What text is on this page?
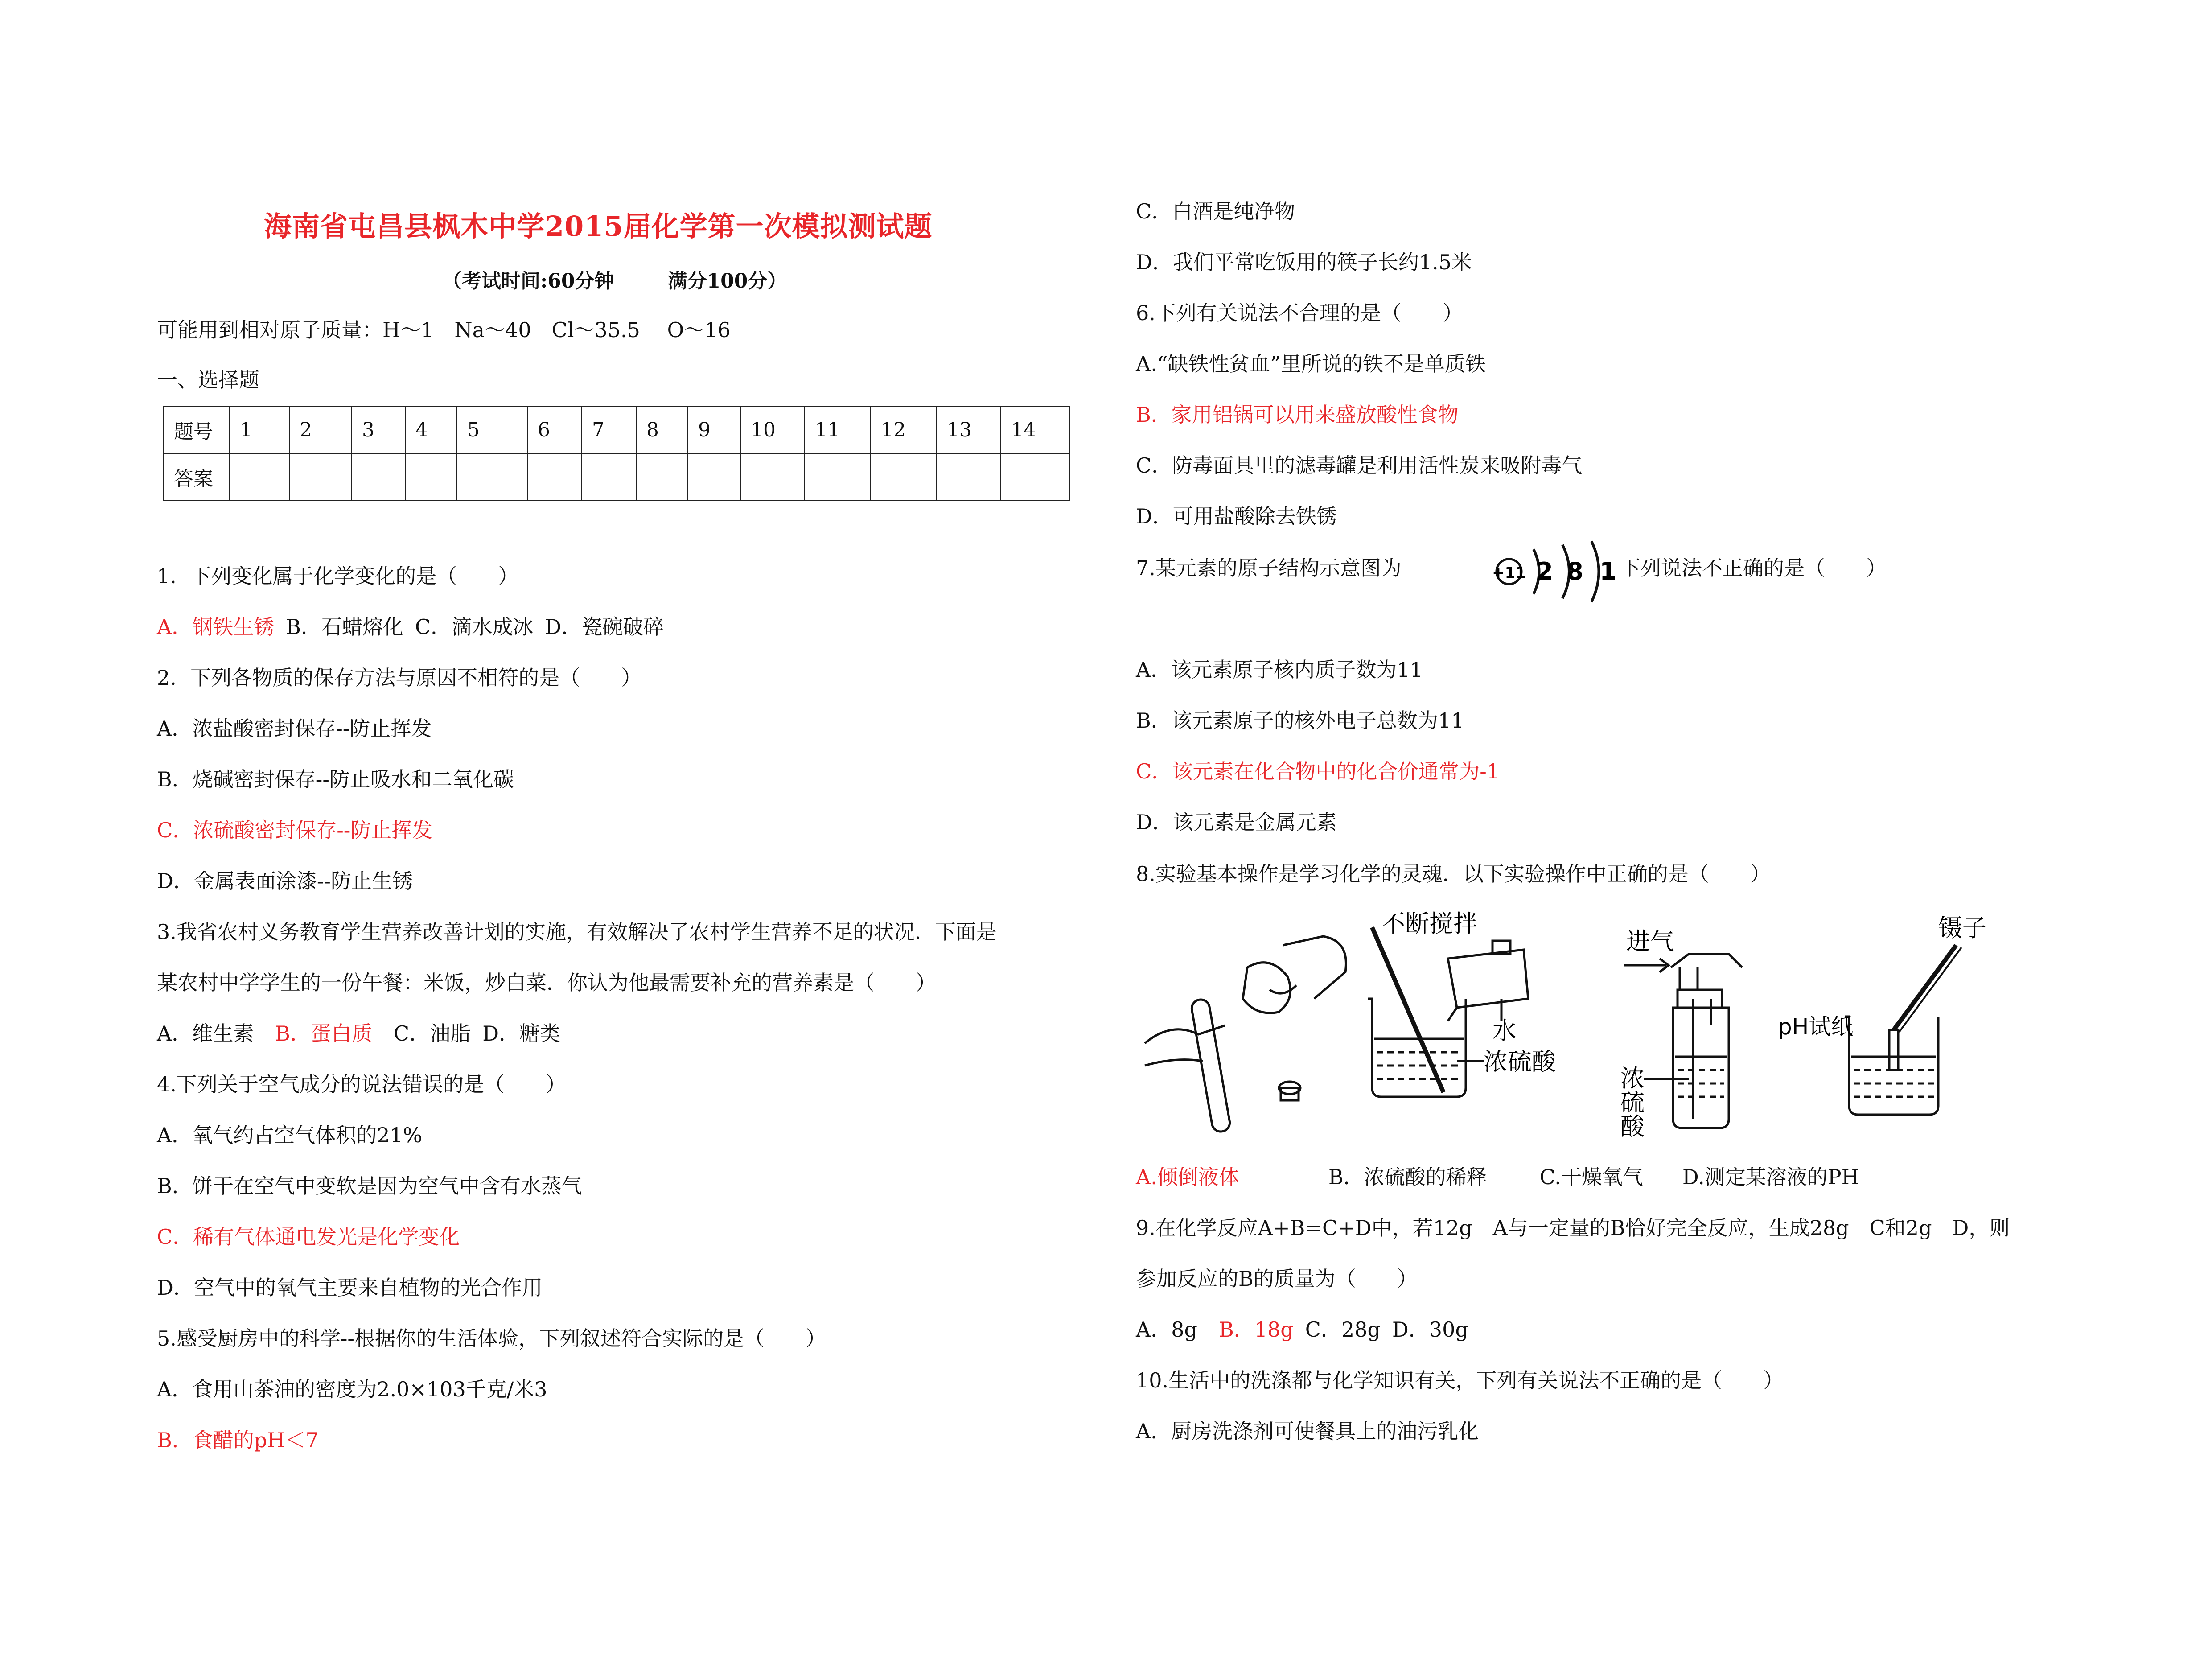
海南省屯昌县枫木中学2015届化学第一次模拟测试题
（考试时间:60分钟	满分100分）
可能用到相对原子质量：H～1　Na～40　Cl～35.5　 O～16
一、选择题
题号	1	2	3	4	5	6	7	8	9	10	11	12	13	14
答案														
1．下列变化属于化学变化的是（　　）
A．钢铁生锈 B．石蜡熔化 C．滴水成冰 D．瓷碗破碎
2．下列各物质的保存方法与原因不相符的是（　　）
A．浓盐酸密封保存--防止挥发
B．烧碱密封保存--防止吸水和二氧化碳
C．浓硫酸密封保存--防止挥发
D．金属表面涂漆--防止生锈
3.我省农村义务教育学生营养改善计划的实施，有效解决了农村学生营养不足的状况．下面是
某农村中学学生的一份午餐：米饭，炒白菜．你认为他最需要补充的营养素是（　　）
A．维生素 B．蛋白质 C．油脂 D．糖类
4.下列关于空气成分的说法错误的是（　　）
A．氧气约占空气体积的21%
B．饼干在空气中变软是因为空气中含有水蒸气
C．稀有气体通电发光是化学变化
D．空气中的氧气主要来自植物的光合作用
5.感受厨房中的科学--根据你的生活体验，下列叙述符合实际的是（　　）
A．食用山茶油的密度为2.0×103千克/米3
B．食醋的pH＜7
C．白酒是纯净物
D．我们平常吃饭用的筷子长约1.5米
6.下列有关说法不合理的是（　　）
A.“缺铁性贫血”里所说的铁不是单质铁
B．家用铝锅可以用来盛放酸性食物
C．防毒面具里的滤毒罐是利用活性炭来吸附毒气
D．可用盐酸除去铁锈
7.某元素的原子结构示意图为	下列说法不正确的是（　　）
A．该元素原子核内质子数为11
B．该元素原子的核外电子总数为11
C．该元素在化合物中的化合价通常为-1
D．该元素是金属元素
8.实验基本操作是学习化学的灵魂．以下实验操作中正确的是（　　）
A.倾倒液体	B．浓硫酸的稀释	C.干燥氧气 D.测定某溶液的PH
9.在化学反应A+B=C+D中，若12g　A与一定量的B恰好完全反应，生成28g　C和2g　D，则
参加反应的B的质量为（　　）
A．8g B．18g C．28g D．30g
10.生活中的洗涤都与化学知识有关，下列有关说法不正确的是（　　）
A．厨房洗涤剂可使餐具上的油污乳化
+11 2 8 1
不断搅拌
水
浓硫酸
进气
浓硫酸
镊子
pH试纸
